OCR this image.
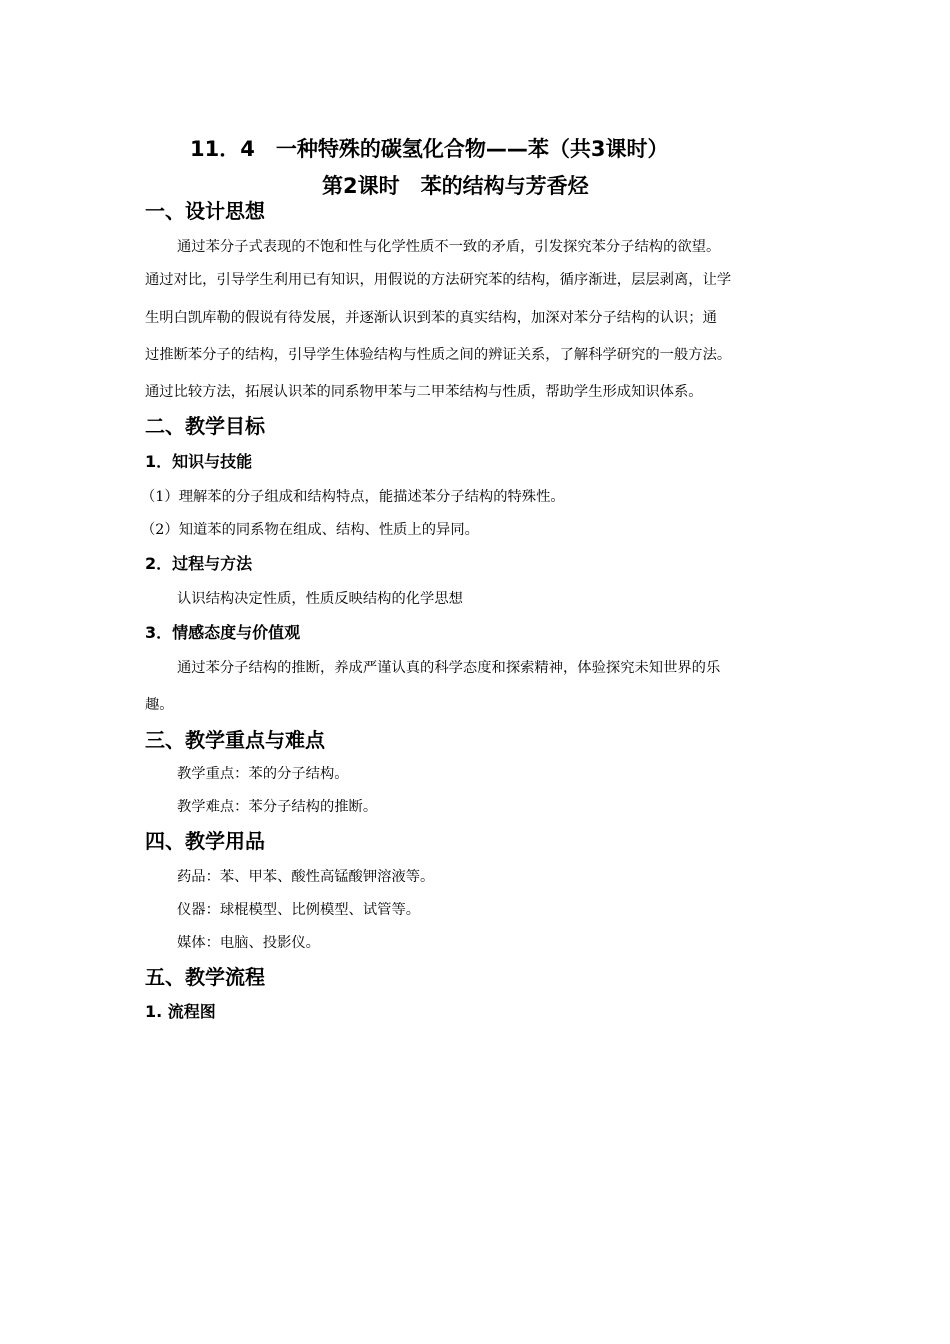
11．4　一种特殊的碳氢化合物——苯（共3课时）
第2课时　苯的结构与芳香烃
一、设计思想
通过苯分子式表现的不饱和性与化学性质不一致的矛盾，引发探究苯分子结构的欲望。
通过对比，引导学生利用已有知识，用假说的方法研究苯的结构，循序渐进，层层剥离，让学
生明白凯库勒的假说有待发展，并逐渐认识到苯的真实结构，加深对苯分子结构的认识；通
过推断苯分子的结构，引导学生体验结构与性质之间的辨证关系，了解科学研究的一般方法。
通过比较方法，拓展认识苯的同系物甲苯与二甲苯结构与性质，帮助学生形成知识体系。
二、教学目标
1．知识与技能
（1）理解苯的分子组成和结构特点，能描述苯分子结构的特殊性。
（2）知道苯的同系物在组成、结构、性质上的异同。
2．过程与方法
认识结构决定性质，性质反映结构的化学思想
3．情感态度与价值观
通过苯分子结构的推断，养成严谨认真的科学态度和探索精神，体验探究未知世界的乐
趣。
三、教学重点与难点
教学重点：苯的分子结构。
教学难点：苯分子结构的推断。
四、教学用品
药品：苯、甲苯、酸性高锰酸钾溶液等。
仪器：球棍模型、比例模型、试管等。
媒体：电脑、投影仪。
五、教学流程
1. 流程图
